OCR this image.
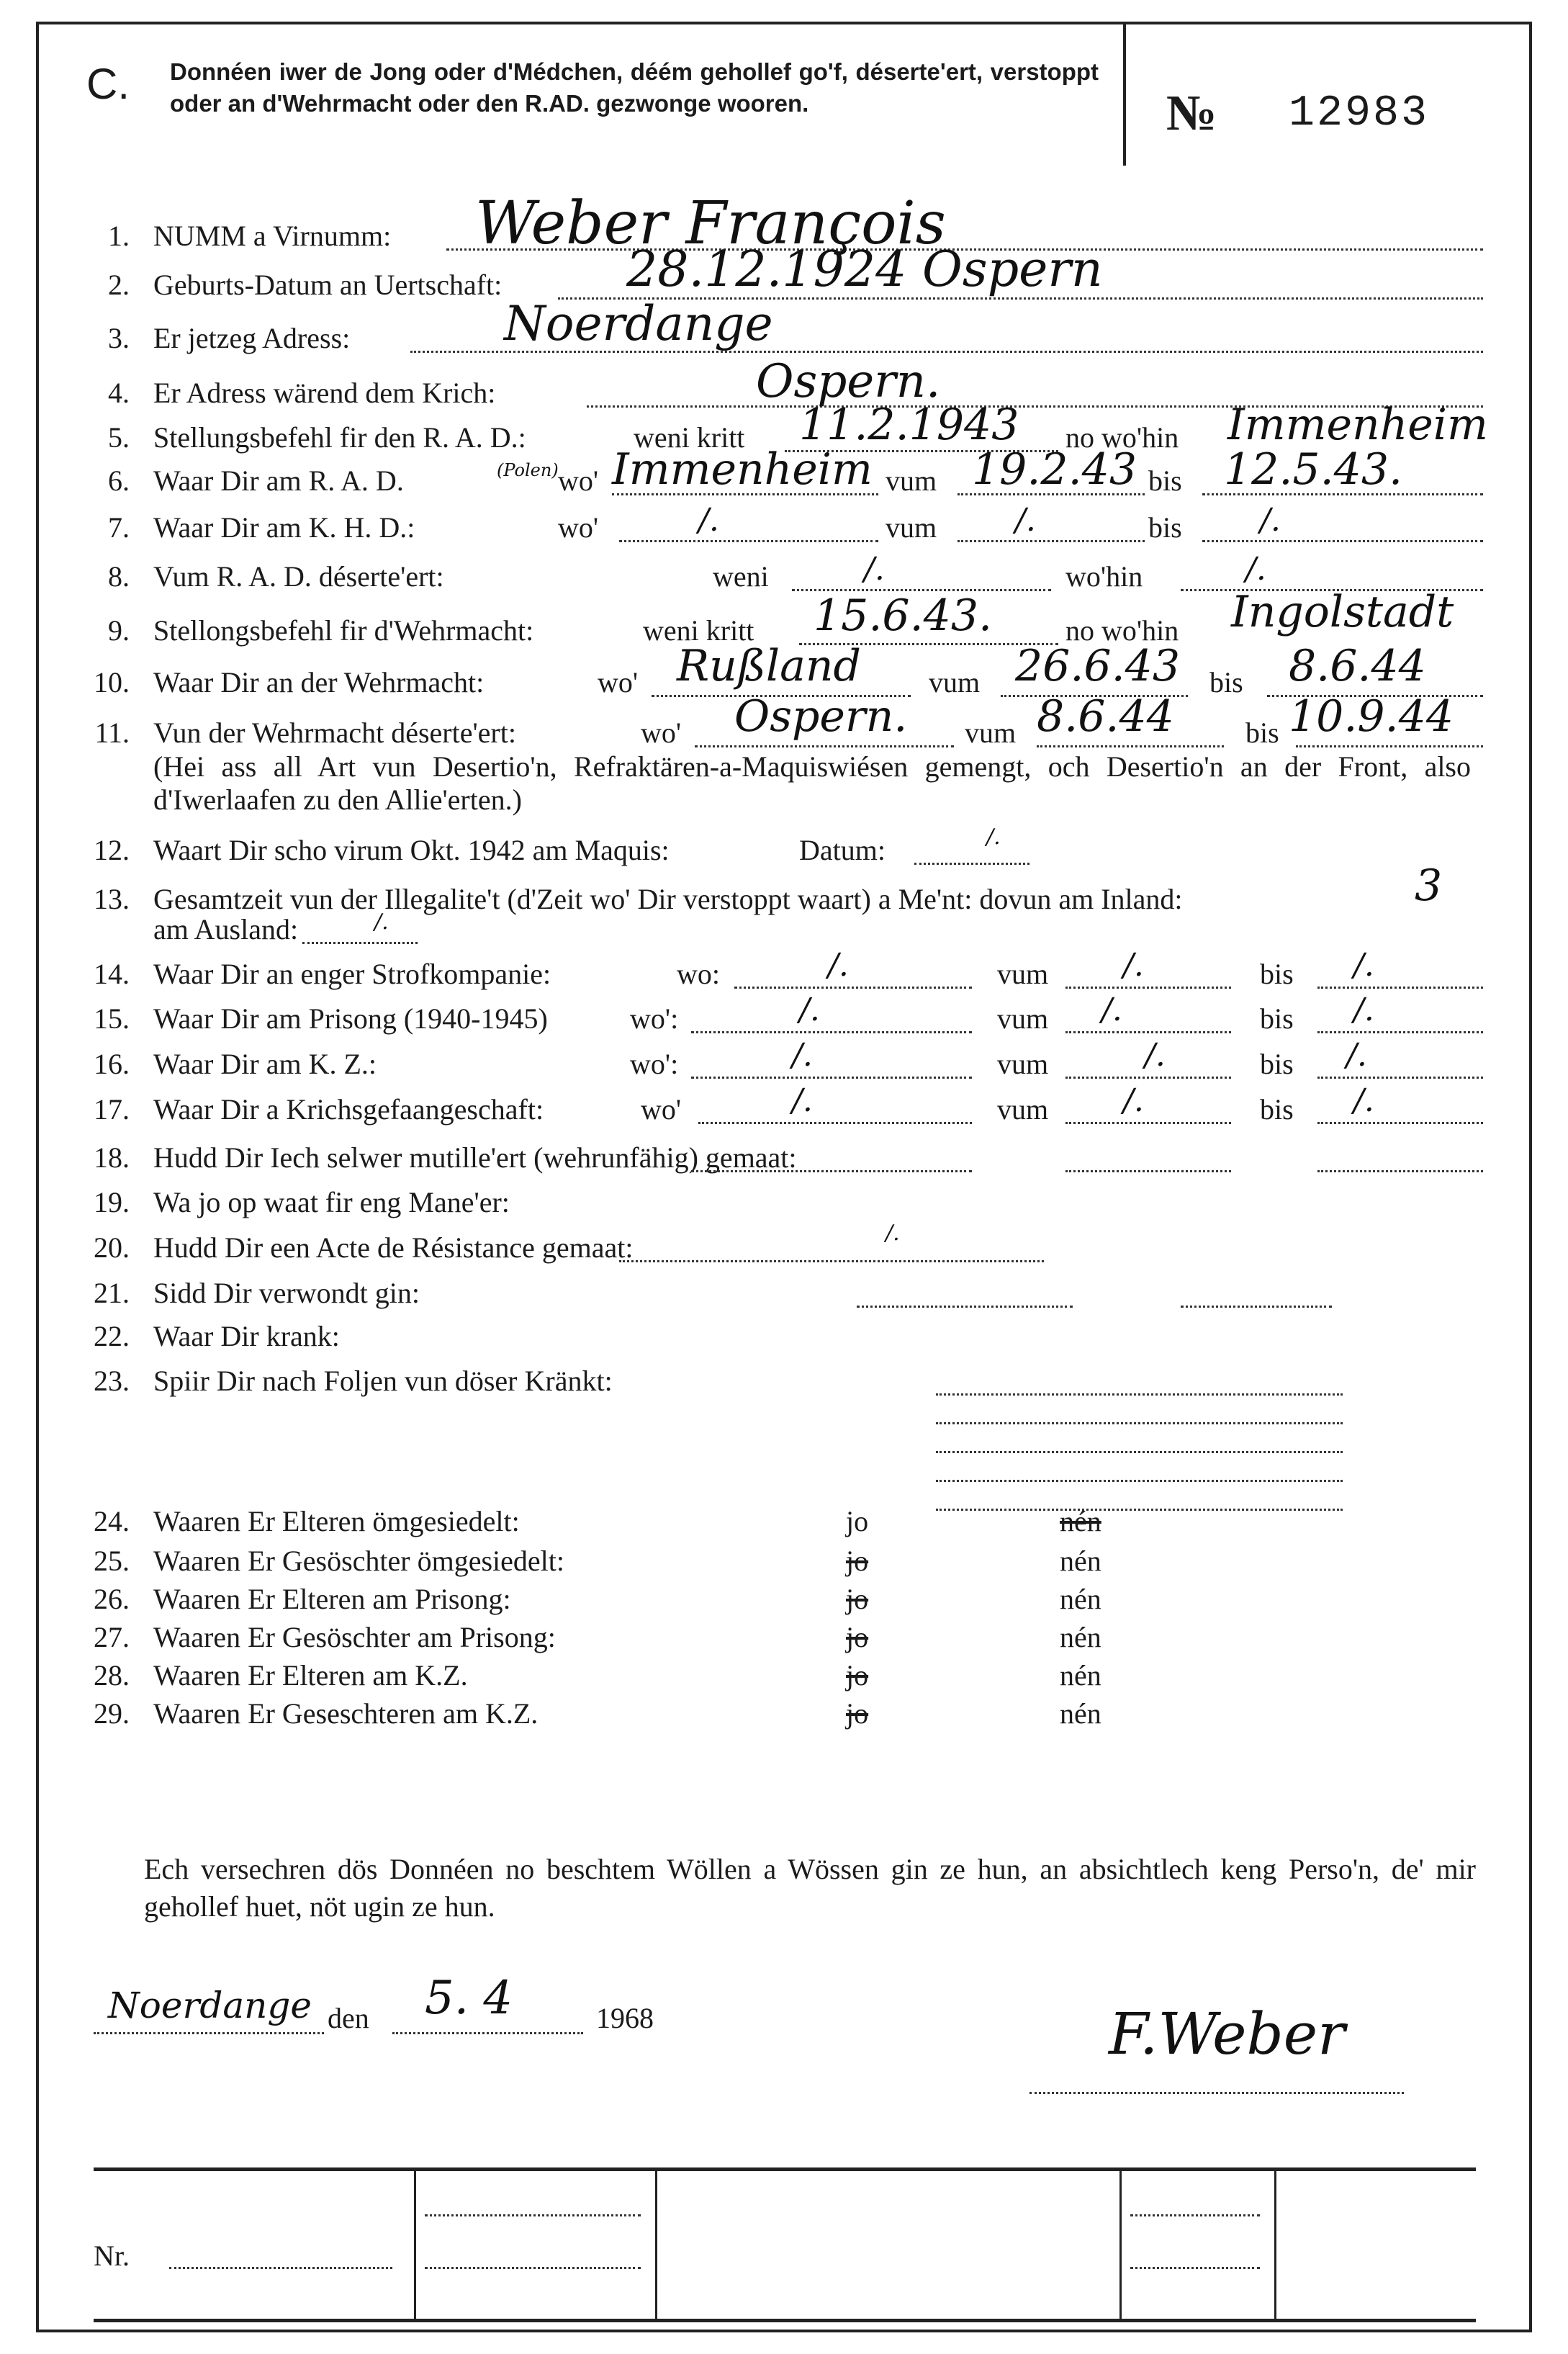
C. Donnéen iwer de Jong oder d'Médchen, déém gehollef go'f, déserte'ert, verstoppt oder an d'Wehrmacht oder den R.AD. gezwonge wooren.	№ 12983
1. NUMM a Virnumm: Weber François
2. Geburts-Datum an Uertschaft:	28.12.1924 Ospern
3. Er jetzeg Adress:	Noerdange
4. Er Adress wärend dem Krich:	Ospern.
5. Stellungsbefehl fir den R. A. D.:	weni kritt 11.2.1943 no wo'hin Immenheim
6. Waar Dir am R. A. D.	(Polen) wo' Immenheim vum 19.2.43 bis 12.5.43.
7. Waar Dir am K. H. D.:	wo'	/.	vum /.	bis /.
8. Vum R. A. D. déserte'ert:	weni	/.	wo'hin	/.
9. Stellongsbefehl fir d'Wehrmacht:	weni kritt 15.6.43.	no wo'hin Ingolstadt
10. Waar Dir an der Wehrmacht:	wo' Rußland vum 26.6.43 bis 8.6.44
11. Vun der Wehrmacht déserte'ert:	wo' Ospern. vum 8.6.44 bis 10.9.44
(Hei ass all Art vun Desertio'n, Refraktären-a-Maquiswiésen gemengt, och Desertio'n an der Front, also d'Iwerlaafen zu den Allie'erten.)
12. Waart Dir scho virum Okt. 1942 am Maquis:	Datum:	/.
13. Gesamtzeit vun der Illegalite't (d'Zeit wo' Dir verstoppt waart) a Me'nt: dovun am Inland:	3
am Ausland:	/.
14. Waar Dir an enger Strofkompanie:	wo:	/.	vum /.	bis /.
15. Waar Dir am Prisong (1940-1945)	wo':	/.	vum /.	bis /.
16. Waar Dir am K. Z.:	wo':	/.	vum	/.	bis /.
17. Waar Dir a Krichsgefaangeschaft:	wo'	/.	vum /.	bis /.
18. Hudd Dir Iech selwer mutille'ert (wehrunfähig) gemaat:
19. Wa jo op waat fir eng Mane'er:
20. Hudd Dir een Acte de Résistance gemaat:	/.
21. Sidd Dir verwondt gin:
22. Waar Dir krank:
23. Spiir Dir nach Foljen vun döser Kränkt:
24. Waaren Er Elteren ömgesiedelt:	jo	nén
25. Waaren Er Gesöschter ömgesiedelt:	jo	nén
26. Waaren Er Elteren am Prisong:	jo	nén
27. Waaren Er Gesöschter am Prisong:	jo	nén
28. Waaren Er Elteren am K.Z.	jo	nén
29. Waaren Er Geseschteren am K.Z.	jo	nén
Ech versechren dös Donnéen no beschtem Wöllen a Wössen gin ze hun, an absichtlech keng Perso'n, de' mir gehollef huet, nöt ugin ze hun.
Noerdange den 5. 4	1968	F.Weber
Nr.
